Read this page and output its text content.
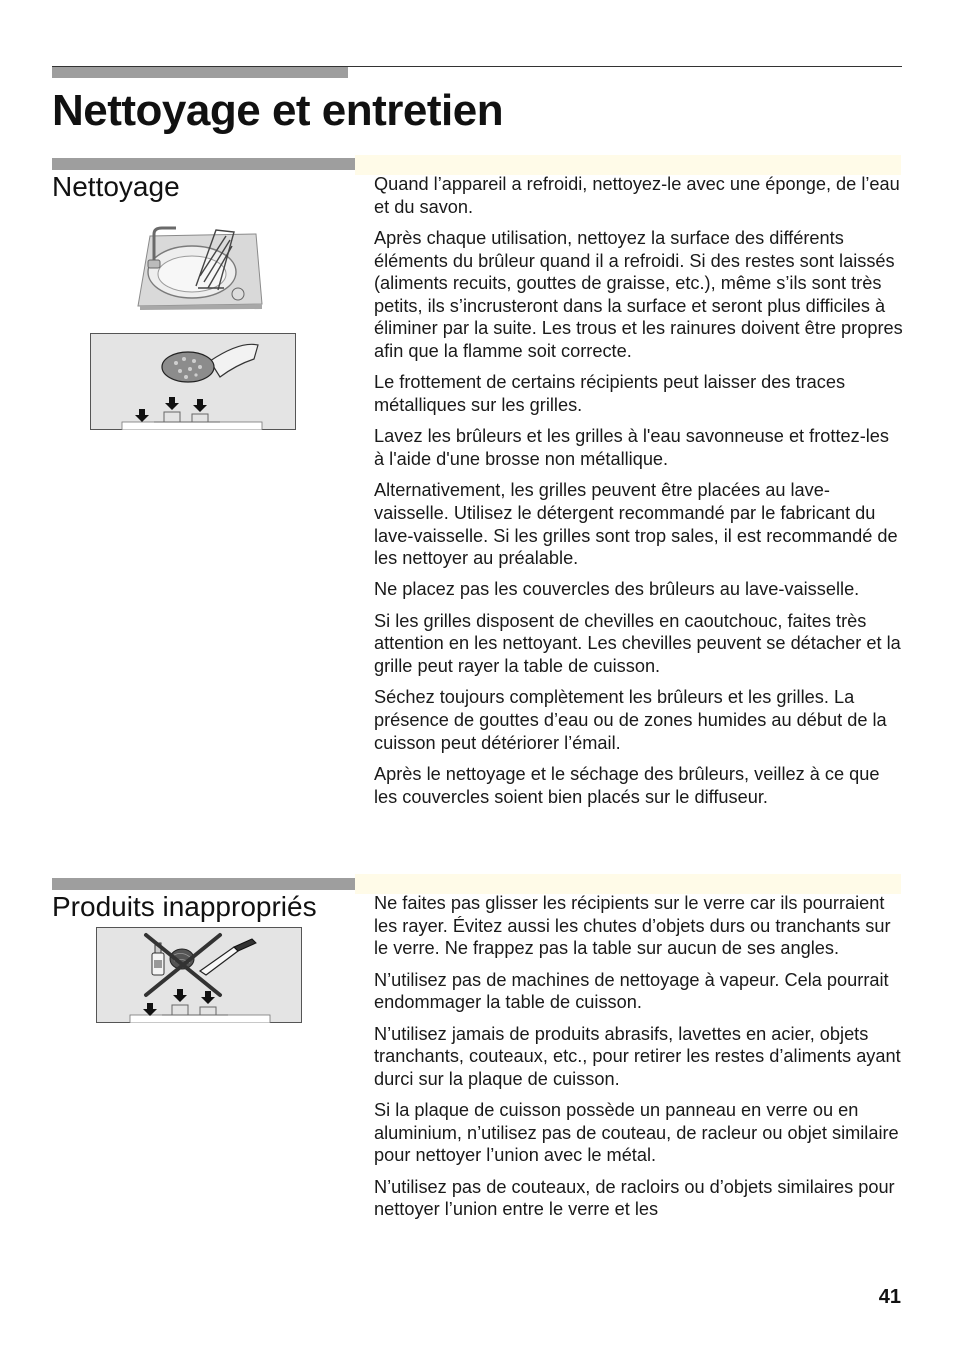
Nettoyage et entretien
Nettoyage	Quand l’appareil a refroidi, nettoyez-le avec une éponge, de l’eau et du savon.

Après chaque utilisation, nettoyez la surface des différents éléments du brûleur quand il a refroidi. Si des restes sont laissés (aliments recuits, gouttes de graisse, etc.), même s’ils sont très petits, ils s’incrusteront dans la surface et seront plus difficiles à éliminer par la suite. Les trous et les rainures doivent être propres afin que la flamme soit correcte.

Le frottement de certains récipients peut laisser des traces métalliques sur les grilles.

Lavez les brûleurs et les grilles à l'eau savonneuse et frottez-les à l'aide d'une brosse non métallique.

Alternativement, les grilles peuvent être placées au lave-vaisselle. Utilisez le détergent recommandé par le fabricant du lave-vaisselle. Si les grilles sont trop sales, il est recommandé de les nettoyer au préalable.

Ne placez pas les couvercles des brûleurs au lave-vaisselle.

Si les grilles disposent de chevilles en caoutchouc, faites très attention en les nettoyant. Les chevilles peuvent se détacher et la grille peut rayer la table de cuisson.

Séchez toujours complètement les brûleurs et les grilles. La présence de gouttes d’eau ou de zones humides au début de la cuisson peut détériorer l’émail.

Après le nettoyage et le séchage des brûleurs, veillez à ce que les couvercles soient bien placés sur le diffuseur.

Produits inappropriés	Ne faites pas glisser les récipients sur le verre car ils pourraient les rayer. Évitez aussi les chutes d’objets durs ou tranchants sur le verre. Ne frappez pas la table sur aucun de ses angles.

N’utilisez pas de machines de nettoyage à vapeur. Cela pourrait endommager la table de cuisson.

N’utilisez jamais de produits abrasifs, lavettes en acier, objets tranchants, couteaux, etc., pour retirer les restes d’aliments ayant durci sur la plaque de cuisson.

Si la plaque de cuisson possède un panneau en verre ou en aluminium, n’utilisez pas de couteau, de racleur ou objet similaire pour nettoyer l’union avec le métal.

N’utilisez pas de couteaux, de racloirs ou d’objets similaires pour nettoyer l’union entre le verre et les

41
